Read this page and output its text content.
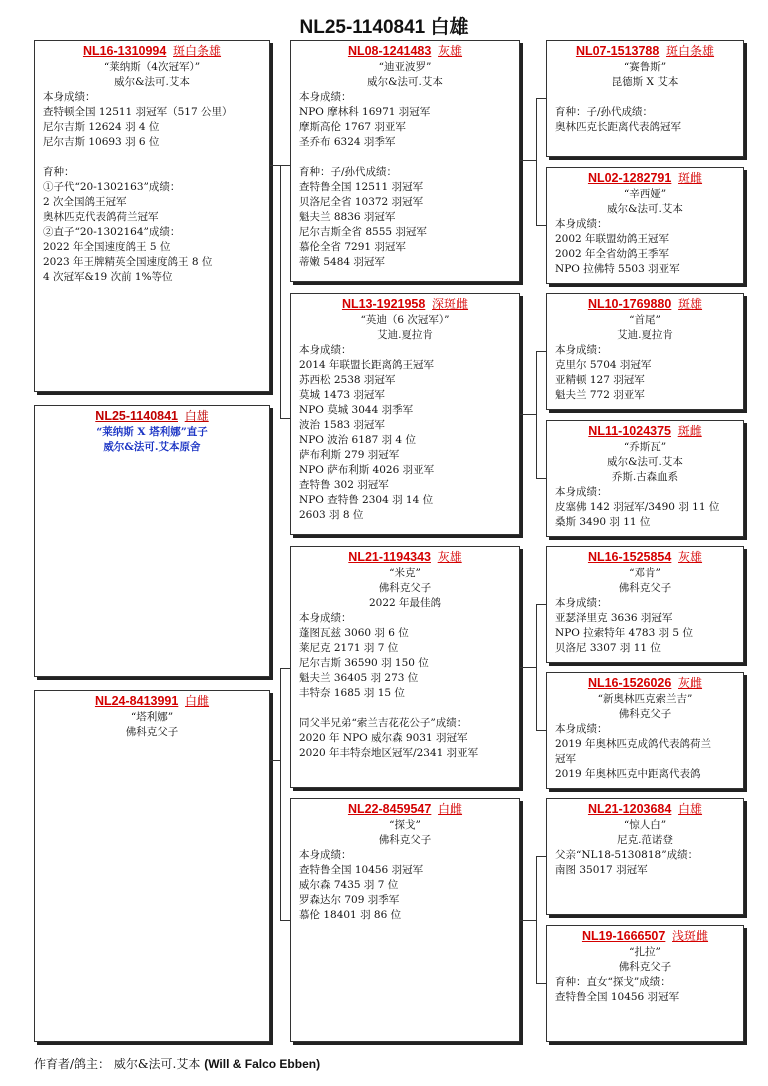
NL25-1140841 白雄
NL16-1310994 斑白条雄
“莱纳斯（4次冠军）”
威尔&法可.艾本
本身成绩：
查特顿全国 12511 羽冠军（517 公里）
尼尔吉斯 12624 羽 4 位
尼尔吉斯 10693 羽 6 位
育种：
①子代“20-1302163”成绩：
2 次全国鸽王冠军
奥林匹克代表鸽荷兰冠军
②直子“20-1302164”成绩：
2022 年全国速度鸽王 5 位
2023 年王牌精英全国速度鸽王 8 位
4 次冠军&19 次前 1%等位
NL25-1140841 白雄
“莱纳斯 X 塔利娜”直子
威尔&法可.艾本原舍
NL24-8413991 白雌
“塔利娜”
佛科克父子
NL08-1241483 灰雄
“迪亚波罗”
威尔&法可.艾本
本身成绩：
NPO 摩林科 16971 羽冠军
摩斯高伦 1767 羽亚军
圣乔布 6324 羽季军
育种：子/孙代成绩：
查特鲁全国 12511 羽冠军
贝洛尼全省 10372 羽冠军
魁夫兰 8836 羽冠军
尼尔吉斯全省 8555 羽冠军
慕伦全省 7291 羽冠军
蒂嫩 5484 羽冠军
NL13-1921958 深斑雌
“英迪（6 次冠军）”
艾迪.夏拉肯
本身成绩：
2014 年联盟长距离鸽王冠军
苏西松 2538 羽冠军
莫城 1473 羽冠军
NPO 莫城 3044 羽季军
波治 1583 羽冠军
NPO 波治 6187 羽 4 位
萨布利斯 279 羽冠军
NPO 萨布利斯 4026 羽亚军
查特鲁 302 羽冠军
NPO 查特鲁 2304 羽 14 位
2603 羽 8 位
NL21-1194343 灰雄
“米克”
佛科克父子
2022 年最佳鸽
本身成绩：
蓬图瓦兹 3060 羽 6 位
莱尼克 2171 羽 7 位
尼尔吉斯 36590 羽 150 位
魁夫兰 36405 羽 273 位
丰特奈 1685 羽 15 位
同父半兄弟“索兰吉花花公子”成绩：
2020 年 NPO 威尔森 9031 羽冠军
2020 年丰特奈地区冠军/2341 羽亚军
NL22-8459547 白雌
“探戈”
佛科克父子
本身成绩：
查特鲁全国 10456 羽冠军
威尔森 7435 羽 7 位
罗森达尔 709 羽季军
慕伦 18401 羽 86 位
NL07-1513788 斑白条雄
“赛鲁斯”
昆德斯 X 艾本
育种：子/孙代成绩：
奥林匹克长距离代表鸽冠军
NL02-1282791 斑雌
“辛西娅”
威尔&法可.艾本
本身成绩：
2002 年联盟幼鸽王冠军
2002 年全省幼鸽王季军
NPO 拉佛特 5503 羽亚军
NL10-1769880 斑雄
“首尾”
艾迪.夏拉肯
本身成绩：
克里尔 5704 羽冠军
亚精顿 127 羽冠军
魁夫兰 772 羽亚军
NL11-1024375 斑雌
“乔斯瓦”
威尔&法可.艾本
乔斯.古森血系
本身成绩：
皮塞佛 142 羽冠军/3490 羽 11 位
桑斯 3490 羽 11 位
NL16-1525854 灰雄
“邓肯”
佛科克父子
本身成绩：
亚瑟泽里克 3636 羽冠军
NPO 拉索特年 4783 羽 5 位
贝洛尼 3307 羽 11 位
NL16-1526026 灰雌
“新奥林匹克索兰吉”
佛科克父子
本身成绩：
2019 年奥林匹克成鸽代表鸽荷兰
冠军
2019 年奥林匹克中距离代表鸽
NL21-1203684 白雄
“惊人白”
尼克.范诺登
父亲“NL18-5130818”成绩：
南图 35017 羽冠军
NL19-1666507 浅斑雌
“扎拉”
佛科克父子
育种：直女“探戈”成绩：
查特鲁全国 10456 羽冠军
作育者/鸽主： 威尔&法可.艾本 (Will & Falco Ebben)
